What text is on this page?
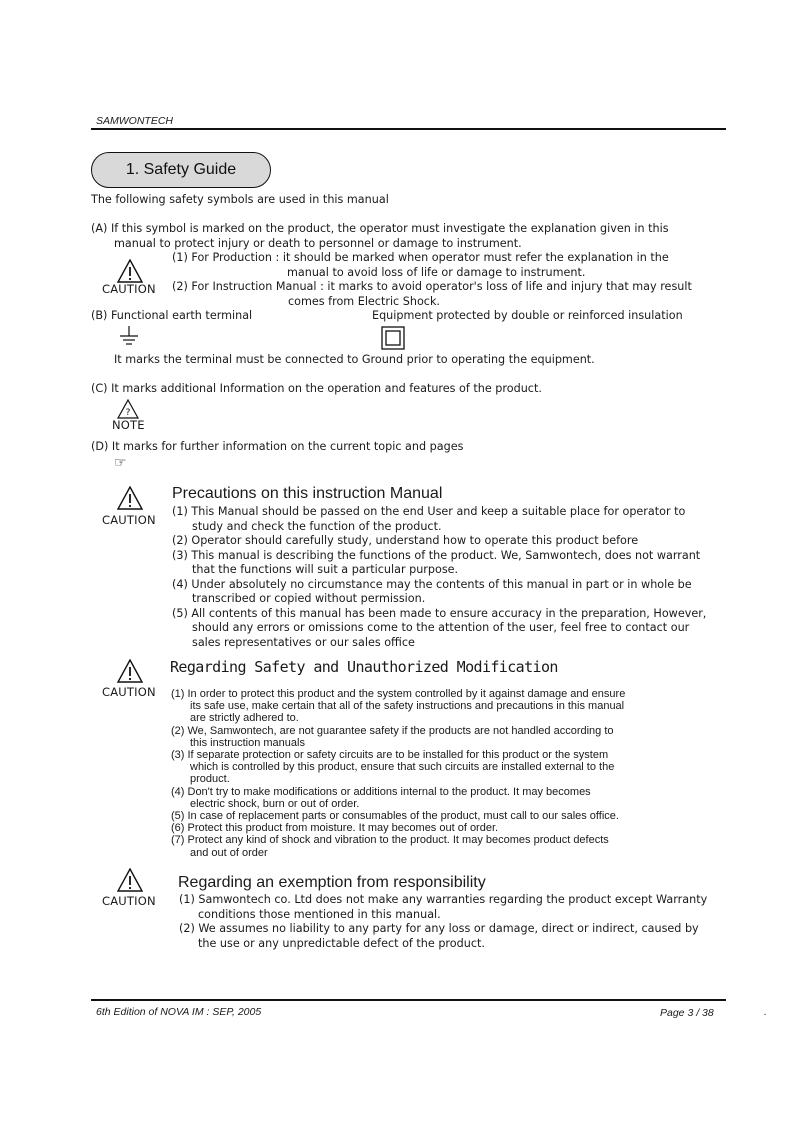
SAMWONTECH
1. Safety Guide
The following safety symbols are used in this manual
(A) If this symbol is marked on the product, the operator must investigate the explanation given in this
manual to protect injury or death to personnel or damage to instrument.
CAUTION
(1) For Production : it should be marked when operator must refer the explanation in the
manual to avoid loss of life or damage to instrument.
(2) For Instruction Manual : it marks to avoid operator's loss of life and injury that may result
comes from Electric Shock.
(B) Functional earth terminal	Equipment protected by double or reinforced insulation
It marks the terminal must be connected to Ground prior to operating the equipment.
(C) It marks additional Information on the operation and features of the product.
?
NOTE
(D) It marks for further information on the current topic and pages
☞
CAUTION
Precautions on this instruction Manual
(1) This Manual should be passed on the end User and keep a suitable place for operator to
study and check the function of the product.
(2) Operator should carefully study, understand how to operate this product before
(3) This manual is describing the functions of the product. We, Samwontech, does not warrant
that the functions will suit a particular purpose.
(4) Under absolutely no circumstance may the contents of this manual in part or in whole be
transcribed or copied without permission.
(5) All contents of this manual has been made to ensure accuracy in the preparation, However,
should any errors or omissions come to the attention of the user, feel free to contact our
sales representatives or our sales office
CAUTION
Regarding Safety and Unauthorized Modification
(1) In order to protect this product and the system controlled by it against damage and ensure
its safe use, make certain that all of the safety instructions and precautions in this manual
are strictly adhered to.
(2) We, Samwontech, are not guarantee safety if the products are not handled according to
this instruction manuals
(3) If separate protection or safety circuits are to be installed for this product or the system
which is controlled by this product, ensure that such circuits are installed external to the
product.
(4) Don't try to make modifications or additions internal to the product. It may becomes
electric shock, burn or out of order.
(5) In case of replacement parts or consumables of the product, must call to our sales office.
(6) Protect this product from moisture. It may becomes out of order.
(7) Protect any kind of shock and vibration to the product. It may becomes product defects
and out of order
CAUTION
Regarding an exemption from responsibility
(1) Samwontech co. Ltd does not make any warranties regarding the product except Warranty
conditions those mentioned in this manual.
(2) We assumes no liability to any party for any loss or damage, direct or indirect, caused by
the use or any unpredictable defect of the product.
6th Edition of NOVA IM : SEP, 2005	Page 3 / 38	.
